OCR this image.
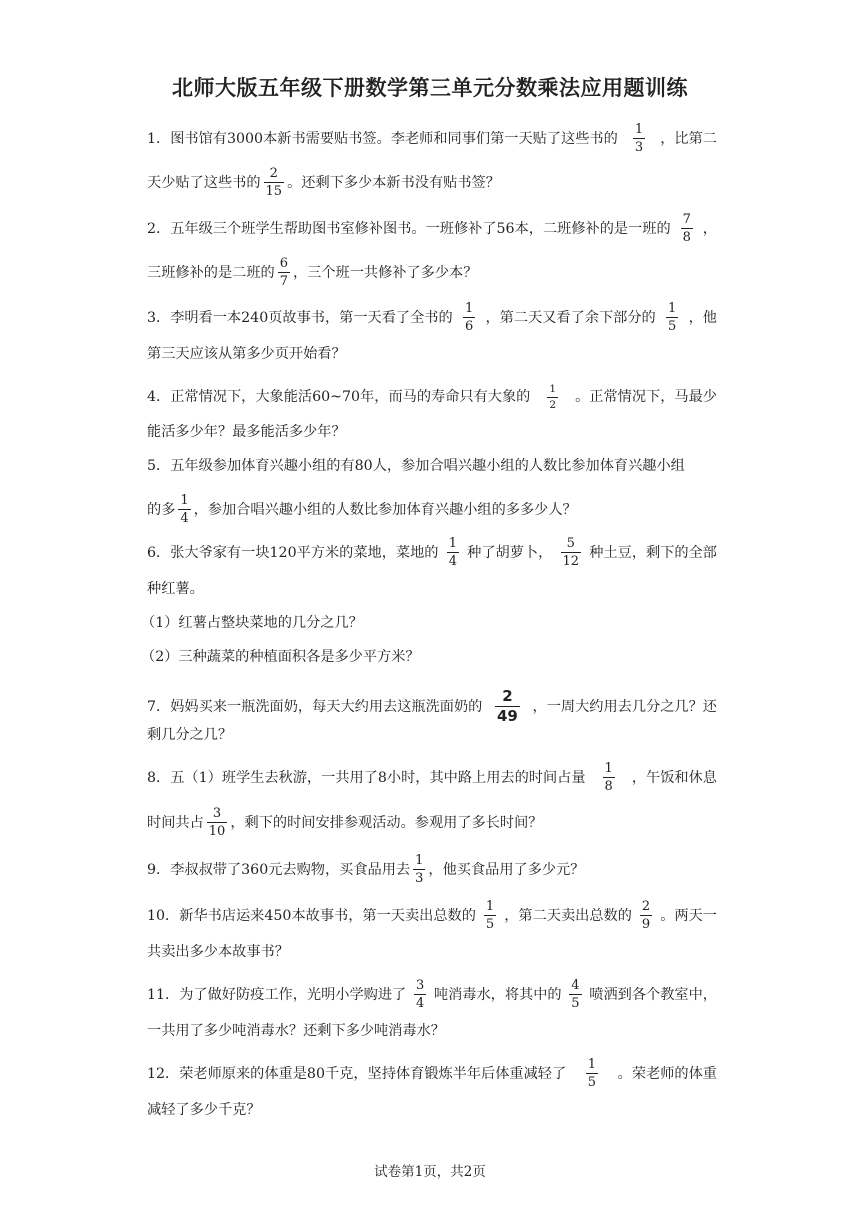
北师大版五年级下册数学第三单元分数乘法应用题训练
1．图书馆有3000本新书需要贴书签。李老师和同事们第一天贴了这些书的 $\frac{1}{3}$ ，比第二
天少贴了这些书的 $\frac{2}{15}$ 。还剩下多少本新书没有贴书签？
2．五年级三个班学生帮助图书室修补图书。一班修补了56本，二班修补的是一班的 $\frac{7}{8}$ ，
三班修补的是二班的 $\frac{6}{7}$ ，三个班一共修补了多少本？
3．李明看一本240页故事书，第一天看了全书的 $\frac{1}{6}$ ，第二天又看了余下部分的 $\frac{1}{5}$ ，他
第三天应该从第多少页开始看？
4．正常情况下，大象能活60~70年，而马的寿命只有大象的 $\frac{1}{2}$ 。正常情况下，马最少
能活多少年？最多能活多少年？
5．五年级参加体育兴趣小组的有80人，参加合唱兴趣小组的人数比参加体育兴趣小组
的多 $\frac{1}{4}$ ，参加合唱兴趣小组的人数比参加体育兴趣小组的多多少人？
6．张大爷家有一块120平方米的菜地，菜地的 $\frac{1}{4}$ 种了胡萝卜， $\frac{5}{12}$ 种土豆，剩下的全部
种红薯。
（1）红薯占整块菜地的几分之几？
（2）三种蔬菜的种植面积各是多少平方米？
7．妈妈买来一瓶洗面奶，每天大约用去这瓶洗面奶的 $\frac{2}{49}$ ，一周大约用去几分之几？还
剩几分之几？
8．五（1）班学生去秋游，一共用了8小时，其中路上用去的时间占量 $\frac{1}{8}$ ，午饭和休息
时间共占 $\frac{3}{10}$ ，剩下的时间安排参观活动。参观用了多长时间？
9．李叔叔带了360元去购物，买食品用去 $\frac{1}{3}$ ，他买食品用了多少元？
10．新华书店运来450本故事书，第一天卖出总数的 $\frac{1}{5}$ ，第二天卖出总数的 $\frac{2}{9}$ 。两天一
共卖出多少本故事书？
11．为了做好防疫工作，光明小学购进了 $\frac{3}{4}$ 吨消毒水，将其中的 $\frac{4}{5}$ 喷洒到各个教室中，
一共用了多少吨消毒水？还剩下多少吨消毒水？
12．荣老师原来的体重是80千克，坚持体育锻炼半年后体重减轻了 $\frac{1}{5}$ 。荣老师的体重
减轻了多少千克？
试卷第1页，共2页
